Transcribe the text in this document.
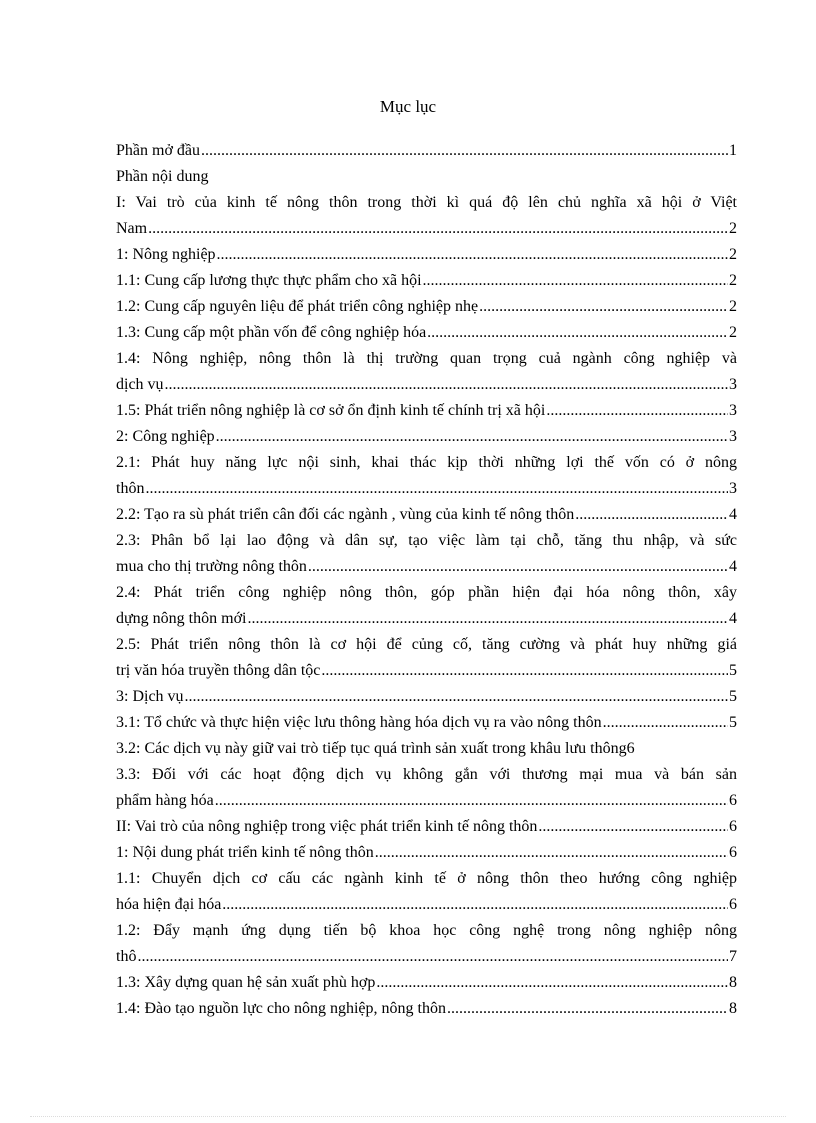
Mục lục
Phần mở đầu .....	1
Phần nội dung
I: Vai trò của kinh tế nông thôn trong thời kì quá độ lên chủ nghĩa xã hội ở Việt
Nam .....	2
1: Nông nghiệp .....	2
1.1: Cung cấp lương thực thực phẩm cho xã hội .....	2
1.2: Cung cấp nguyên liệu để phát triển công nghiệp nhẹ .....	2
1.3: Cung cấp một phần vốn để công nghiệp hóa .....	2
1.4: Nông nghiệp, nông thôn là thị trường quan trọng cuả ngành công nghiệp và
dịch vụ .....	3
1.5: Phát triển nông nghiệp là cơ sở ổn định kinh tế chính trị xã hội .....	3
2: Công nghiệp .....	3
2.1: Phát huy năng lực nội sinh, khai thác kịp thời những lợi thế vốn có ở nông
thôn .....	3
2.2: Tạo ra sù phát triển cân đối các ngành , vùng của kinh tế nông thôn .....	4
2.3: Phân bổ lại lao động và dân sự, tạo việc làm tại chỗ, tăng thu nhập, và sức
mua cho thị trường nông thôn .....	4
2.4: Phát triển công nghiệp nông thôn, góp phần hiện đại hóa nông thôn, xây
dựng nông thôn mới .....	4
2.5: Phát triển nông thôn là cơ hội để củng cố, tăng cường và phát huy những giá
trị văn hóa truyền thông dân tộc .....	5
3: Dịch vụ .....	5
3.1: Tổ chức và thực hiện việc lưu thông hàng hóa dịch vụ ra vào nông thôn .....	5
3.2: Các dịch vụ này giữ vai trò tiếp tục quá trình sản xuất trong khâu lưu thông 6
3.3: Đối với các hoạt động dịch vụ không gắn với thương mại mua và bán sản
phẩm hàng hóa .....	6
II: Vai trò của nông nghiệp trong việc phát triển kinh tế nông thôn .....	6
1: Nội dung phát triển kinh tế nông thôn .....	6
1.1: Chuyển dịch cơ cấu các ngành kinh tế ở nông thôn theo hướng công nghiệp
hóa hiện đại hóa .....	6
1.2: Đẩy mạnh ứng dụng tiến bộ khoa học công nghệ trong nông nghiệp nông
thô .....	7
1.3: Xây dựng quan hệ sản xuất phù hợp .....	8
1.4: Đào tạo nguồn lực cho nông nghiệp, nông thôn .....	8
